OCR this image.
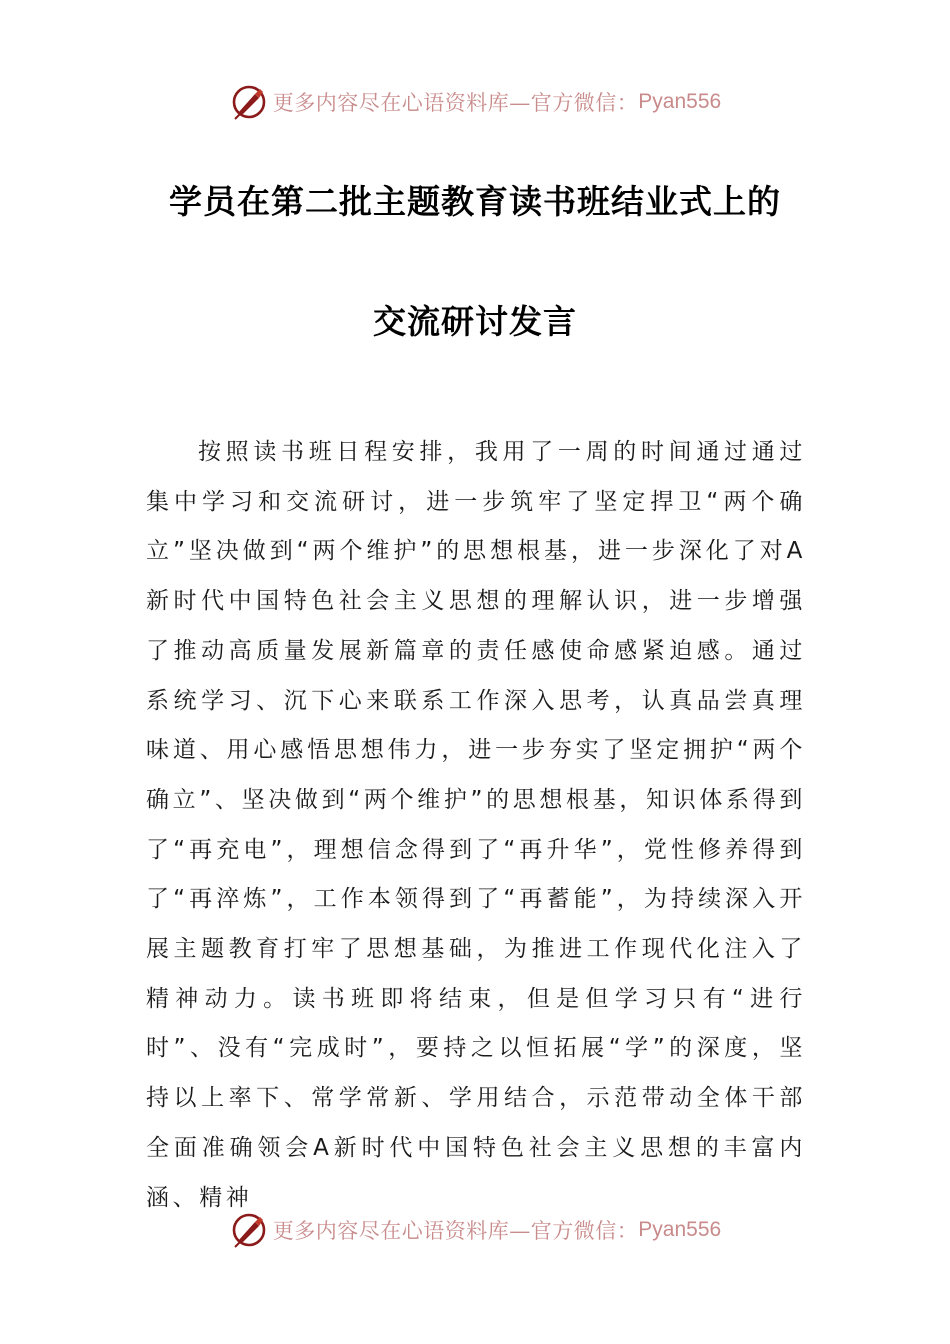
更多内容尽在心语资料库—官方微信： Pyan556
学员在第二批主题教育读书班结业式上的
交流研讨发言

按照读书班日程安排，我用了一周的时间通过通过集中学习和交流研讨，进一步筑牢了坚定捍卫“两个确立”坚决做到“两个维护”的思想根基，进一步深化了对A新时代中国特色社会主义思想的理解认识，进一步增强了推动高质量发展新篇章的责任感使命感紧迫感。通过系统学习、沉下心来联系工作深入思考，认真品尝真理味道、用心感悟思想伟力，进一步夯实了坚定拥护“两个确立”、坚决做到“两个维护”的思想根基，知识体系得到了“再充电”，理想信念得到了“再升华”，党性修养得到了“再淬炼”，工作本领得到了“再蓄能”，为持续深入开展主题教育打牢了思想基础，为推进工作现代化注入了精神动力。读书班即将结束，但是但学习只有“进行时”、没有“完成时”，要持之以恒拓展“学”的深度，坚持以上率下、常学常新、学用结合，示范带动全体干部全面准确领会A新时代中国特色社会主义思想的丰富内涵、精神

更多内容尽在心语资料库—官方微信： Pyan556
